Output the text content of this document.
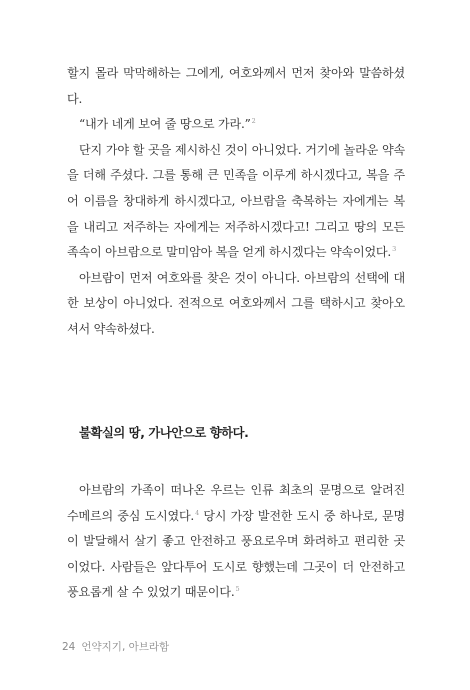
할지 몰라 막막해하는 그에게, 여호와께서 먼저 찾아와 말씀하셨다.

“내가 네게 보여 줄 땅으로 가라.”$^2$

단지 가야 할 곳을 제시하신 것이 아니었다. 거기에 놀라운 약속을 더해 주셨다. 그를 통해 큰 민족을 이루게 하시겠다고, 복을 주어 이름을 창대하게 하시겠다고, 아브람을 축복하는 자에게는 복을 내리고 저주하는 자에게는 저주하시겠다고! 그리고 땅의 모든 족속이 아브람으로 말미암아 복을 얻게 하시겠다는 약속이었다.$^3$

아브람이 먼저 여호와를 찾은 것이 아니다. 아브람의 선택에 대한 보상이 아니었다. 전적으로 여호와께서 그를 택하시고 찾아오셔서 약속하셨다.

불확실의 땅, 가나안으로 향하다.

아브람의 가족이 떠나온 우르는 인류 최초의 문명으로 알려진 수메르의 중심 도시였다.$^4$ 당시 가장 발전한 도시 중 하나로, 문명이 발달해서 살기 좋고 안전하고 풍요로우며 화려하고 편리한 곳이었다. 사람들은 앞다투어 도시로 향했는데 그곳이 더 안전하고 풍요롭게 살 수 있었기 때문이다.$^5$

24 언약지기, 아브라함
